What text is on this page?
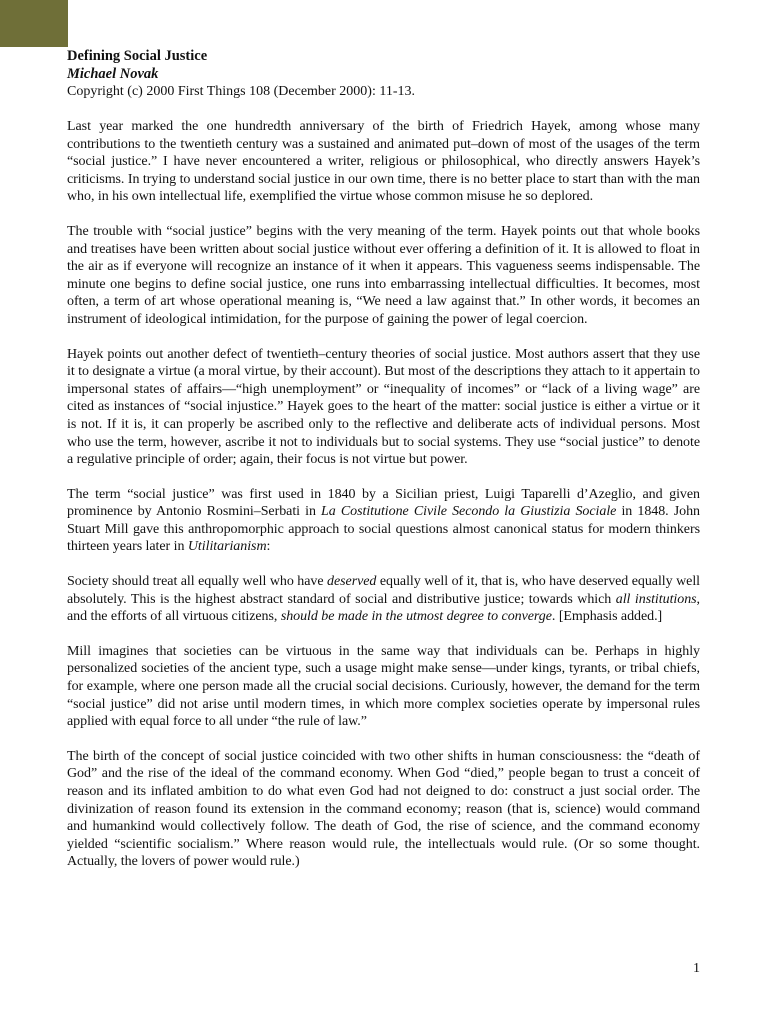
Defining Social Justice

Michael Novak

Copyright (c) 2000 First Things 108 (December 2000): 11-13.

Last year marked the one hundredth anniversary of the birth of Friedrich Hayek, among whose many contributions to the twentieth century was a sustained and animated put–down of most of the usages of the term “social justice.” I have never encountered a writer, religious or philosophical, who directly answers Hayek’s criticisms. In trying to understand social justice in our own time, there is no better place to start than with the man who, in his own intellectual life, exemplified the virtue whose common misuse he so deplored.

The trouble with “social justice” begins with the very meaning of the term. Hayek points out that whole books and treatises have been written about social justice without ever offering a definition of it. It is allowed to float in the air as if everyone will recognize an instance of it when it appears. This vagueness seems indispensable. The minute one begins to define social justice, one runs into embarrassing intellectual difficulties. It becomes, most often, a term of art whose operational meaning is, “We need a law against that.” In other words, it becomes an instrument of ideological intimidation, for the purpose of gaining the power of legal coercion.

Hayek points out another defect of twentieth–century theories of social justice. Most authors assert that they use it to designate a virtue (a moral virtue, by their account). But most of the descriptions they attach to it appertain to impersonal states of affairs—“high unemployment” or “inequality of incomes” or “lack of a living wage” are cited as instances of “social injustice.” Hayek goes to the heart of the matter: social justice is either a virtue or it is not. If it is, it can properly be ascribed only to the reflective and deliberate acts of individual persons. Most who use the term, however, ascribe it not to individuals but to social systems. They use “social justice” to denote a regulative principle of order; again, their focus is not virtue but power.

The term “social justice” was first used in 1840 by a Sicilian priest, Luigi Taparelli d’Azeglio, and given prominence by Antonio Rosmini–Serbati in La Costitutione Civile Secondo la Giustizia Sociale in 1848. John Stuart Mill gave this anthropomorphic approach to social questions almost canonical status for modern thinkers thirteen years later in Utilitarianism:

Society should treat all equally well who have deserved equally well of it, that is, who have deserved equally well absolutely. This is the highest abstract standard of social and distributive justice; towards which all institutions, and the efforts of all virtuous citizens, should be made in the utmost degree to converge. [Emphasis added.]

Mill imagines that societies can be virtuous in the same way that individuals can be. Perhaps in highly personalized societies of the ancient type, such a usage might make sense—under kings, tyrants, or tribal chiefs, for example, where one person made all the crucial social decisions. Curiously, however, the demand for the term “social justice” did not arise until modern times, in which more complex societies operate by impersonal rules applied with equal force to all under “the rule of law.”

The birth of the concept of social justice coincided with two other shifts in human consciousness: the “death of God” and the rise of the ideal of the command economy. When God “died,” people began to trust a conceit of reason and its inflated ambition to do what even God had not deigned to do: construct a just social order. The divinization of reason found its extension in the command economy; reason (that is, science) would command and humankind would collectively follow. The death of God, the rise of science, and the command economy yielded “scientific socialism.” Where reason would rule, the intellectuals would rule. (Or so some thought. Actually, the lovers of power would rule.)

1
